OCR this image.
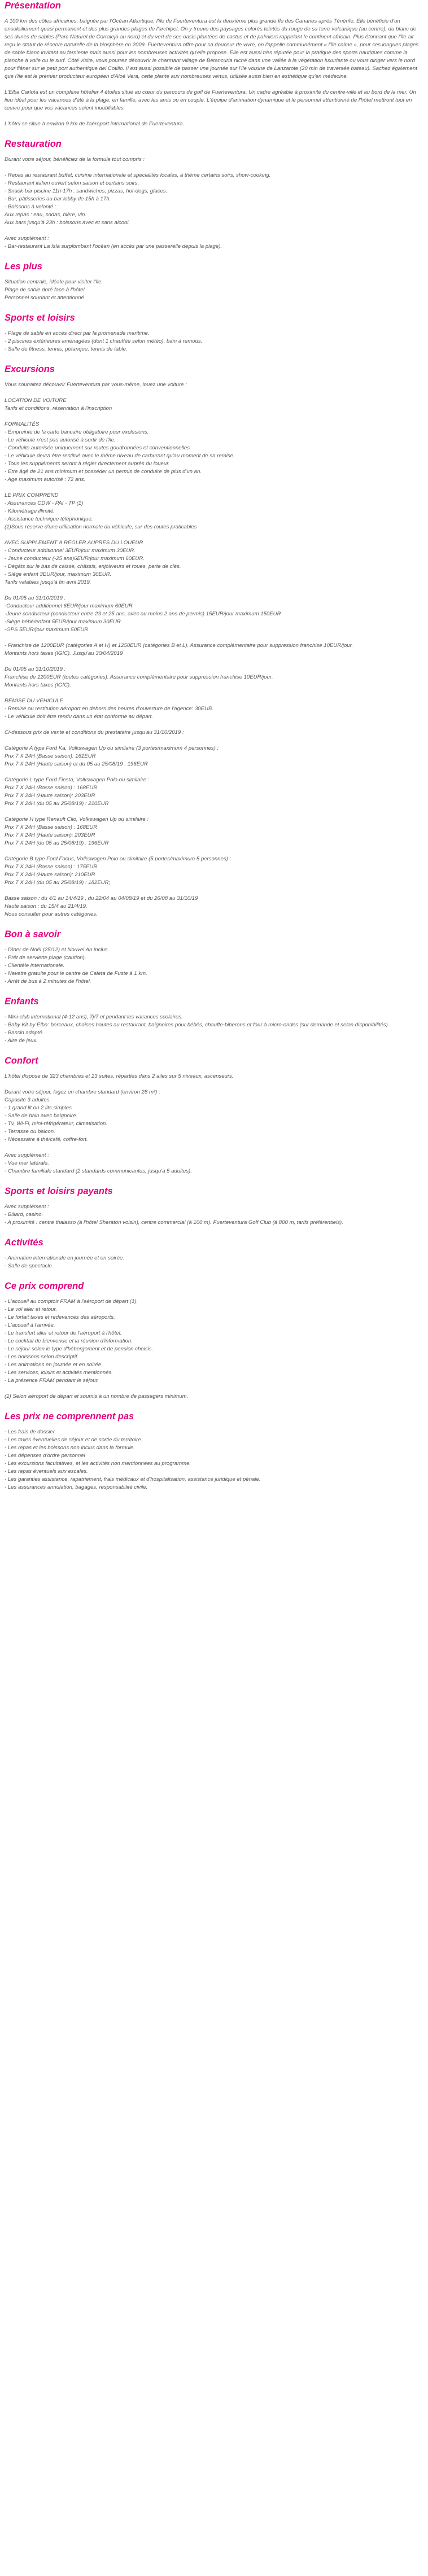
Présentation
A 100 km des côtes africaines, baignée par l'Océan Atlantique, l'île de Fuerteventura est la deuxième plus grande île des Canaries après Ténérife. Elle bénéficie d'un ensoleillement quasi permanent et des plus grandes plages de l'archipel. On y trouve des paysages colorés teintés du rouge de sa terre volcanique (au centre), du blanc de ses dunes de sables (Parc Naturel de Corralejo au nord) et du vert de ses oasis plantées de cactus et de palmiers rappelant le continent africain. Plus étonnant que l'île ait reçu le statut de réserve naturelle de la biosphère en 2009. Fuerteventura offre pour sa douceur de vivre, on l'appelle communément « l'île calme », pour ses longues plages de sable blanc invitant au farniente mais aussi pour les nombreuses activités qu'elle propose. Elle est aussi très réputée pour la pratique des sports nautiques comme la planche à voile ou le surf. Côté visite, vous pourrez découvrir le charmant village de Betancuria niché dans une vallée à la végétation luxuriante ou vous diriger vers le nord pour flâner sur le petit port authentique del Cotillo. Il est aussi possible de passer une journée sur l'île voisine de Lanzarote (20 min de traversée bateau). Sachez également que l'île est le premier producteur européen d'Aloé Vera, cette plante aux nombreuses vertus, utilisée aussi bien en esthétique qu'en médecine.
L'Elba Carlota est un complexe hôtelier 4 étoiles situé au cœur du parcours de golf de Fuerteventura. Un cadre agréable à proximité du centre-ville et au bord de la mer. Un lieu idéal pour les vacances d'été à la plage, en famille, avec les amis ou en couple. L'équipe d'animation dynamique et le personnel attentionné de l'hôtel mettront tout en œuvre pour que vos vacances soient inoubliables.
L'hôtel se situe à environ 9 km de l'aéroport international de Fuerteventura.
Restauration
Durant votre séjour, bénéficiez de la formule tout compris :
- Repas au restaurant buffet, cuisine internationale et spécialités locales, à thème certains soirs, show-cooking.
- Restaurant italien ouvert selon saison et certains soirs.
- Snack-bar piscine 11h-17h : sandwiches, pizzas, hot-dogs, glaces.
- Bar, pâtisseries au bar lobby de 15h à 17h.
- Boissons à volonté :
Aux repas : eau, sodas, bière, vin.
Aux bars jusqu'à 23h : boissons avec et sans alcool.
Avec supplément :
- Bar-restaurant La Isla surplombant l'océan (en accès par une passerelle depuis la plage).
Les plus
Situation centrale, idéale pour visiter l'île.
Plage de sable doré face à l'hôtel.
Personnel souriant et attentionné
Sports et loisirs
- Plage de sable en accès direct par la promenade maritime.
- 2 piscines extérieures aménagées (dont 1 chauffée selon météo), bain à remous.
- Salle de fitness, tennis, pétanque, tennis de table.
Excursions
Vous souhaitez découvrir Fuerteventura par vous-même, louez une voiture :
LOCATION DE VOITURE
Tarifs et conditions, réservation à l'inscription
FORMALITÉS
- Empreinte de la carte bancaire obligatoire pour exclusions.
- Le véhicule n'est pas autorisé à sortir de l'île.
- Conduite autorisée uniquement sur routes goudronnées et conventionnelles.
- Le véhicule devra être restitué avec le même niveau de carburant qu'au moment de sa remise.
- Tous les suppléments seront à régler directement auprès du loueur.
- Etre âgé de 21 ans minimum et posséder un permis de conduire de plus d'un an.
- Age maximum autorisé : 72 ans.
LE PRIX COMPREND
- Assurances CDW - PAI - TP (1)
- Kilométrage illimité.
- Assistance technique téléphonique.
(1)Sous réserve d'une utilisation normale du véhicule, sur des routes praticables
AVEC SUPPLEMENT À REGLER AUPRES DU LOUEUR
- Conducteur additionnel 3EUR/jour maximum 30EUR.
- Jeune conducteur (-25 ans)6EUR/jour maximum 60EUR.
- Dégâts sur le bas de caisse, châssis, enjoliveurs et roues, perte de clés.
- Siège enfant 3EUR/jour, maximum 30EUR.
Tarifs valables jusqu'à fin avril 2019.
Du 01/05 au 31/10/2019 :
-Conducteur additionnel 6EUR/jour maximum 60EUR
-Jeune conducteur (conducteur entre 23 et 25 ans, avec au moins 2 ans de permis) 15EUR/jour maximum 150EUR
-Siège bébé/enfant 5EUR/jour maximum 30EUR
-GPS 5EUR/jour maximum 50EUR
- Franchise de 1200EUR (catégories A et H) et 1250EUR (catégories B et L). Assurance complémentaire pour suppression franchise 10EUR/jour.
Montants hors taxes (IGIC). Jusqu'au 30/04/2019
Du 01/05 au 31/10/2019 :
Franchise de 1200EUR (toutes catégories). Assurance complémentaire pour suppression franchise 10EUR/jour.
Montants hors taxes (IGIC).
REMISE DU VEHICULE
- Remise ou restitution aéroport en dehors des heures d'ouverture de l'agence: 30EUR.
- Le véhicule doit être rendu dans un état conforme au départ.
Ci-dessous prix de vente et conditions du prestataire jusqu'au 31/10/2019 :
Catégorie A type Ford Ka, Volkswagen Up ou similaire (3 portes/maximum 4 personnes) :
Prix 7 X 24H (Basse saison): 161EUR
Prix 7 X 24H (Haute saison) et du 05 au 25/08/19 : 196EUR
Catégorie L type Ford Fiesta, Volkswagen Polo ou similaire :
Prix 7 X 24H (Basse saison) : 168EUR
Prix 7 X 24H (Haute saison): 203EUR
Prix 7 X 24H (du 05 au 25/08/19) : 210EUR
Catégorie H type Renault Clio, Volkswagen Up ou similaire :
Prix 7 X 24H (Basse saison) : 168EUR
Prix 7 X 24H (Haute saison): 203EUR
Prix 7 X 24H (du 05 au 25/08/19) : 196EUR
Catégorie B type Ford Focus, Volkswagen Polo ou similaire (5 portes/maximum 5 personnes) :
Prix 7 X 24H (Basse saison) : 175EUR
Prix 7 X 24H (Haute saison): 210EUR
Prix 7 X 24H (du 05 au 25/08/19) : 182EUR;
Basse saison : du 4/1 au 14/4/19 , du 22/04 au 04/08/19 et du 26/08 au 31/10/19
Haute saison : du 15/4 au 21/4/19.
Nous consulter pour autres catégories.
Bon à savoir
- Dîner de Noël (25/12) et Nouvel An inclus.
- Prêt de serviette plage (caution).
- Clientèle internationale.
- Navette gratuite pour le centre de Caleta de Fuste à 1 km.
- Arrêt de bus à 2 minutes de l'hôtel.
Enfants
- Mini-club international (4-12 ans), 7j/7 et pendant les vacances scolaires.
- Baby Kit by Elba: berceaux, chaises hautes au restaurant, baignoires pour bébés, chauffe-biberons et four à micro-ondes (sur demande et selon disponibilités).
- Bassin adapté.
- Aire de jeux.
Confort
L'hôtel dispose de 323 chambres et 23 suites, réparties dans 2 ailes sur 5 niveaux, ascenseurs.
Durant votre séjour, logez en chambre standard (environ 28 m²) :
Capacité 3 adultes.
- 1 grand lit ou 2 lits simples.
- Salle de bain avec baignoire.
- Tv, Wi-Fi, mini-réfrigérateur, climatisation.
- Terrasse ou balcon.
- Nécessaire à thé/café, coffre-fort.
Avec supplément :
- Vue mer latérale.
- Chambre familiale standard (2 standards communicantes, jusqu'à 5 adultes).
Sports et loisirs payants
Avec supplément :
- Billard, casino.
- A proximité : centre thalasso (à l'hôtel Sheraton voisin), centre commercial (à 100 m). Fuerteventura Golf Club (à 800 m, tarifs préférentiels).
Activités
- Animation internationale en journée et en soirée.
- Salle de spectacle.
Ce prix comprend
- L'accueil au comptoir FRAM à l'aéroport de départ (1).
- Le vol aller et retour.
- Le forfait taxes et redevances des aéroports.
- L'accueil à l'arrivée.
- Le transfert aller et retour de l'aéroport à l'hôtel.
- Le cocktail de bienvenue et la réunion d'information.
- Le séjour selon le type d'hébergement et de pension choisis.
- Les boissons selon descriptif.
- Les animations en journée et en soirée.
- Les services, loisirs et activités mentionnés.
- La présence FRAM pendant le séjour.
(1) Selon aéroport de départ et soumis à un nombre de passagers minimum.
Les prix ne comprennent pas
- Les frais de dossier.
- Les taxes éventuelles de séjour et de sortie du territoire.
- Les repas et les boissons non inclus dans la formule.
- Les dépenses d'ordre personnel
- Les excursions facultatives, et les activités non mentionnées au programme.
- Les repas éventuels aux escales.
- Les garanties assistance, rapatriement, frais médicaux et d'hospitalisation, assistance juridique et pénale.
- Les assurances annulation, bagages, responsabilité civile.
